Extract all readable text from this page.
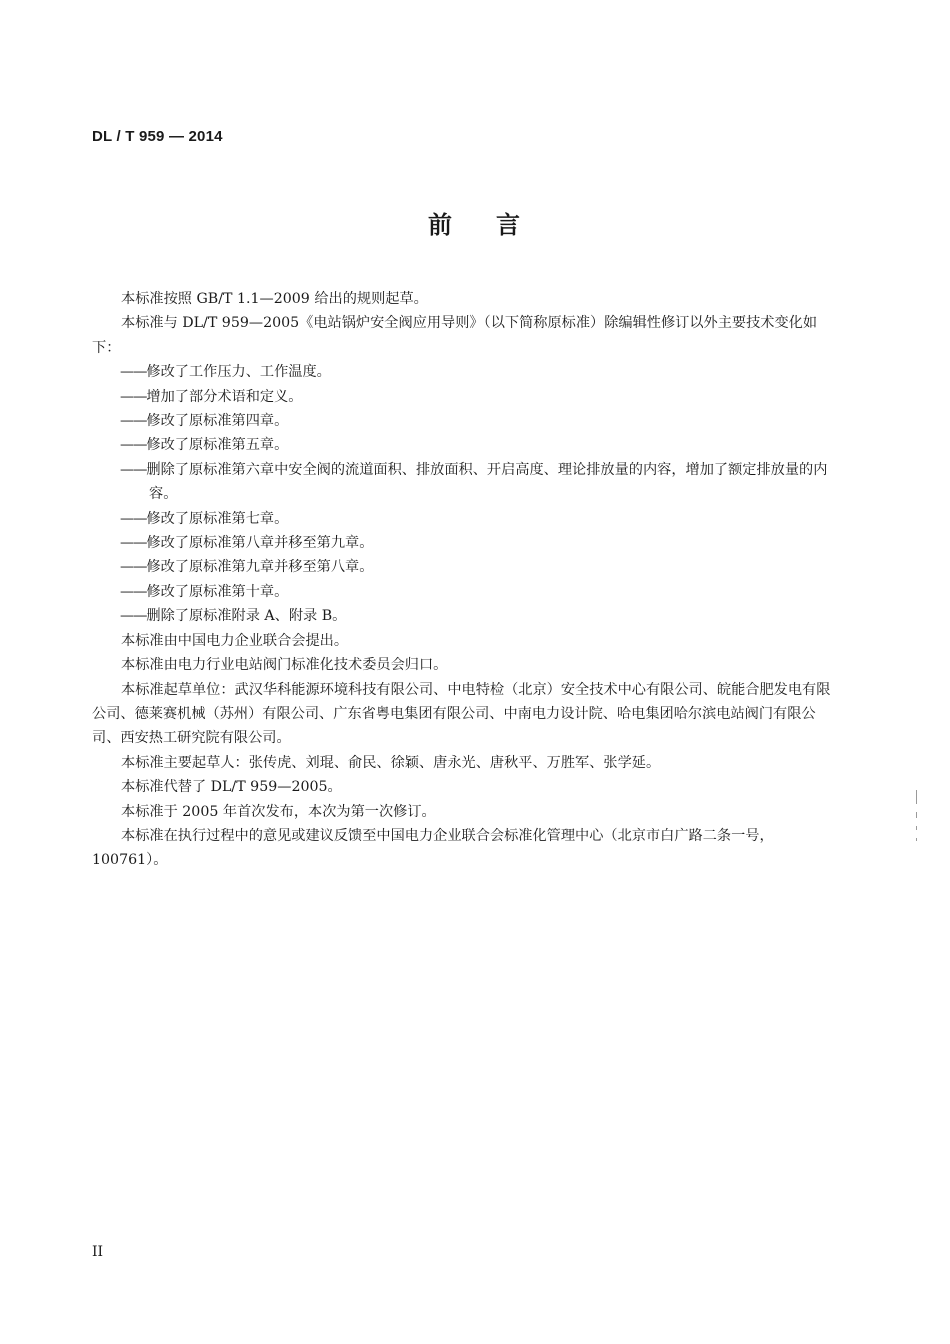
DL / T 959 — 2014
前 言

本标准按照 GB/T 1.1—2009 给出的规则起草。

本标准与 DL/T 959—2005《电站锅炉安全阀应用导则》（以下简称原标准）除编辑性修订以外主要技术变化如下：

——修改了工作压力、工作温度。

——增加了部分术语和定义。

——修改了原标准第四章。

——修改了原标准第五章。

——删除了原标准第六章中安全阀的流道面积、排放面积、开启高度、理论排放量的内容，增加了额定排放量的内容。

——修改了原标准第七章。

——修改了原标准第八章并移至第九章。

——修改了原标准第九章并移至第八章。

——修改了原标准第十章。

——删除了原标准附录 A、附录 B。

本标准由中国电力企业联合会提出。

本标准由电力行业电站阀门标准化技术委员会归口。

本标准起草单位：武汉华科能源环境科技有限公司、中电特检（北京）安全技术中心有限公司、皖能合肥发电有限公司、德莱赛机械（苏州）有限公司、广东省粤电集团有限公司、中南电力设计院、哈电集团哈尔滨电站阀门有限公司、西安热工研究院有限公司。

本标准主要起草人：张传虎、刘琨、俞民、徐颖、唐永光、唐秋平、万胜军、张学延。

本标准代替了 DL/T 959—2005。

本标准于 2005 年首次发布，本次为第一次修订。

本标准在执行过程中的意见或建议反馈至中国电力企业联合会标准化管理中心（北京市白广路二条一号，100761）。

II
